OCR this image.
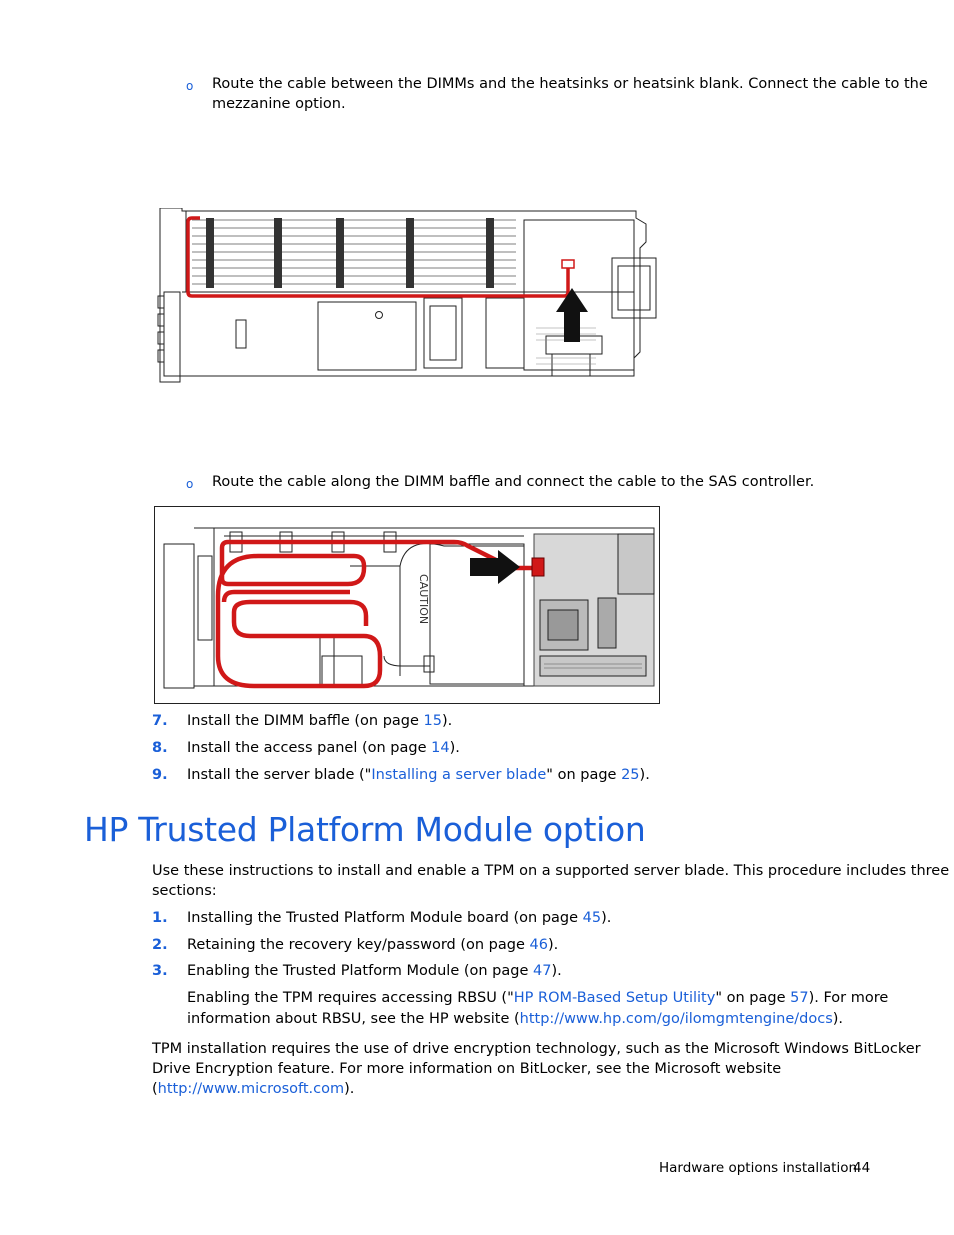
o Route the cable between the DIMMs and the heatsinks or heatsink blank. Connect the cable to the
mezzanine option.
o Route the cable along the DIMM baffle and connect the cable to the SAS controller.
CAUTION
7. Install the DIMM baffle (on page 15).
8. Install the access panel (on page 14).
9. Install the server blade ("Installing a server blade" on page 25).
HP Trusted Platform Module option
Use these instructions to install and enable a TPM on a supported server blade. This procedure includes three
sections:
1. Installing the Trusted Platform Module board (on page 45).
2. Retaining the recovery key/password (on page 46).
3. Enabling the Trusted Platform Module (on page 47).
Enabling the TPM requires accessing RBSU ("HP ROM-Based Setup Utility" on page 57). For more
information about RBSU, see the HP website (http://www.hp.com/go/ilomgmtengine/docs).
TPM installation requires the use of drive encryption technology, such as the Microsoft Windows BitLocker
Drive Encryption feature. For more information on BitLocker, see the Microsoft website
(http://www.microsoft.com).
Hardware options installation
44
